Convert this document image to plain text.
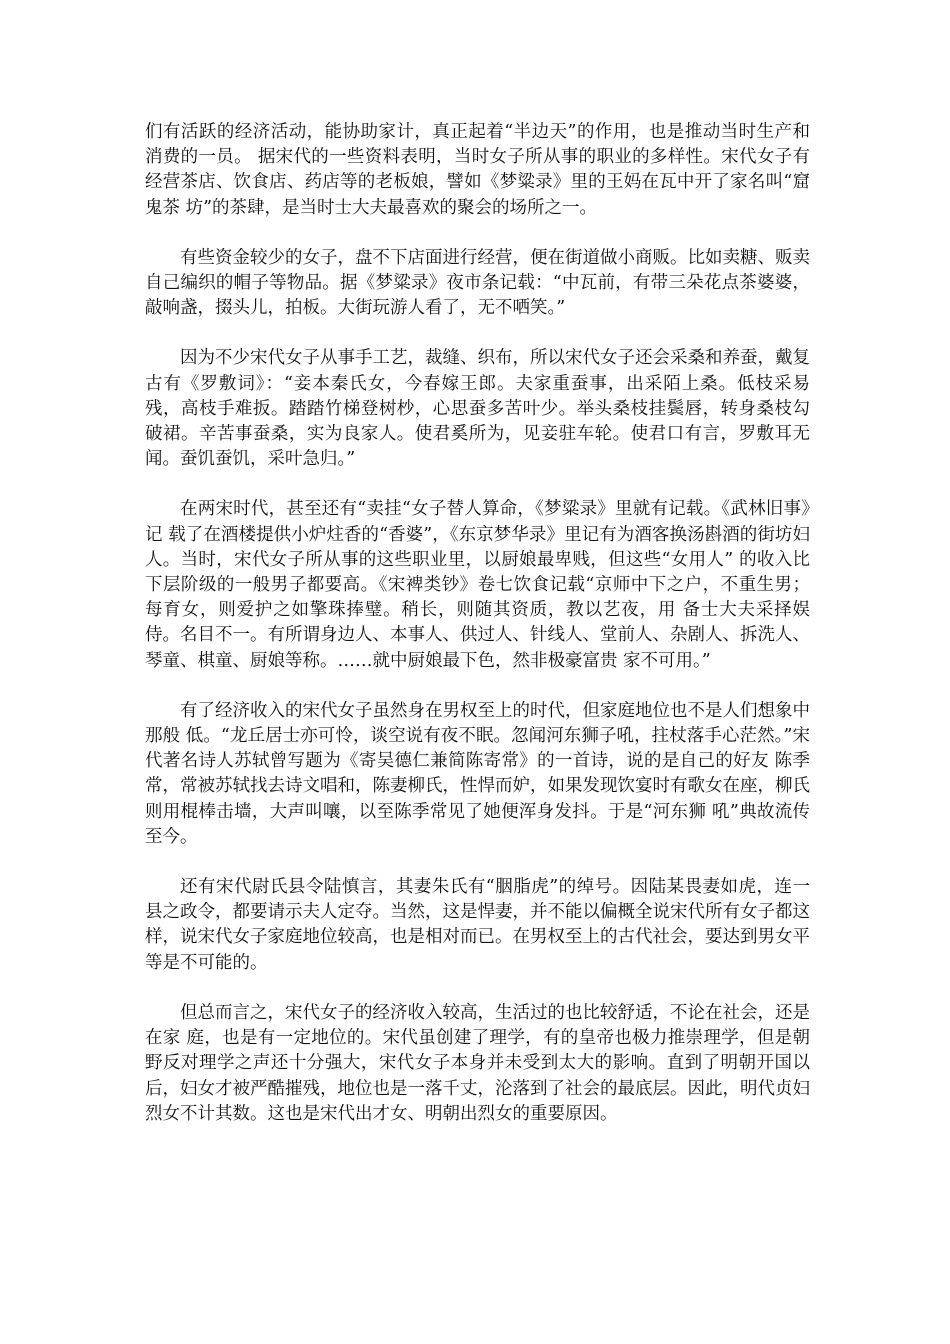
们有活跃的经济活动，能协助家计，真正起着“半边天”的作用，也是推动当时生产和消费的一员。 据宋代的一些资料表明，当时女子所从事的职业的多样性。宋代女子有经营茶店、饮食店、药店等的老板娘，譬如《梦粱录》里的王妈在瓦中开了家名叫“窟鬼茶 坊”的茶肆，是当时士大夫最喜欢的聚会的场所之一。

有些资金较少的女子，盘不下店面进行经营，便在街道做小商贩。比如卖糖、贩卖自己编织的帽子等物品。据《梦粱录》夜市条记载：“中瓦前，有带三朵花点茶婆婆，敲响盏，掇头儿，拍板。大街玩游人看了，无不哂笑。”

因为不少宋代女子从事手工艺，裁缝、织布，所以宋代女子还会采桑和养蚕，戴复古有《罗敷词》：“妾本秦氏女，今春嫁王郎。夫家重蚕事，出采陌上桑。低枝采易残，高枝手难扳。踏踏竹梯登树杪，心思蚕多苦叶少。举头桑枝挂鬓唇，转身桑枝勾 破裙。辛苦事蚕桑，实为良家人。使君奚所为，见妾驻车轮。使君口有言，罗敷耳无闻。蚕饥蚕饥，采叶急归。”

在两宋时代，甚至还有“卖挂“女子替人算命，《梦粱录》里就有记载。《武林旧事》记 载了在酒楼提供小炉炷香的“香婆”，《东京梦华录》里记有为酒客换汤斟酒的街坊妇人。当时，宋代女子所从事的这些职业里，以厨娘最卑贱，但这些“女用人” 的收入比下层阶级的一般男子都要高。《宋裨类钞》卷七饮食记载“京师中下之户，不重生男；每育女，则爱护之如擎珠捧璧。稍长，则随其资质，教以艺夜，用 备士大夫采择娱侍。名目不一。有所谓身边人、本事人、供过人、针线人、堂前人、杂剧人、拆洗人、琴童、棋童、厨娘等称。……就中厨娘最下色，然非极豪富贵 家不可用。”

有了经济收入的宋代女子虽然身在男权至上的时代，但家庭地位也不是人们想象中那般 低。“龙丘居士亦可怜，谈空说有夜不眠。忽闻河东狮子吼，拄杖落手心茫然。”宋代著名诗人苏轼曾写题为《寄吴德仁兼简陈寄常》的一首诗，说的是自己的好友 陈季常，常被苏轼找去诗文唱和，陈妻柳氏，性悍而妒，如果发现饮宴时有歌女在座，柳氏则用棍棒击墙，大声叫嚷，以至陈季常见了她便浑身发抖。于是“河东狮 吼”典故流传至今。

还有宋代尉氏县令陆慎言，其妻朱氏有“胭脂虎”的绰号。因陆某畏妻如虎，连一县之政令，都要请示夫人定夺。当然，这是悍妻，并不能以偏概全说宋代所有女子都这样，说宋代女子家庭地位较高，也是相对而已。在男权至上的古代社会，要达到男女平等是不可能的。

但总而言之，宋代女子的经济收入较高，生活过的也比较舒适，不论在社会，还是在家 庭，也是有一定地位的。宋代虽创建了理学，有的皇帝也极力推崇理学，但是朝野反对理学之声还十分强大，宋代女子本身并未受到太大的影响。直到了明朝开国以 后，妇女才被严酷摧残，地位也是一落千丈，沦落到了社会的最底层。因此，明代贞妇烈女不计其数。这也是宋代出才女、明朝出烈女的重要原因。
